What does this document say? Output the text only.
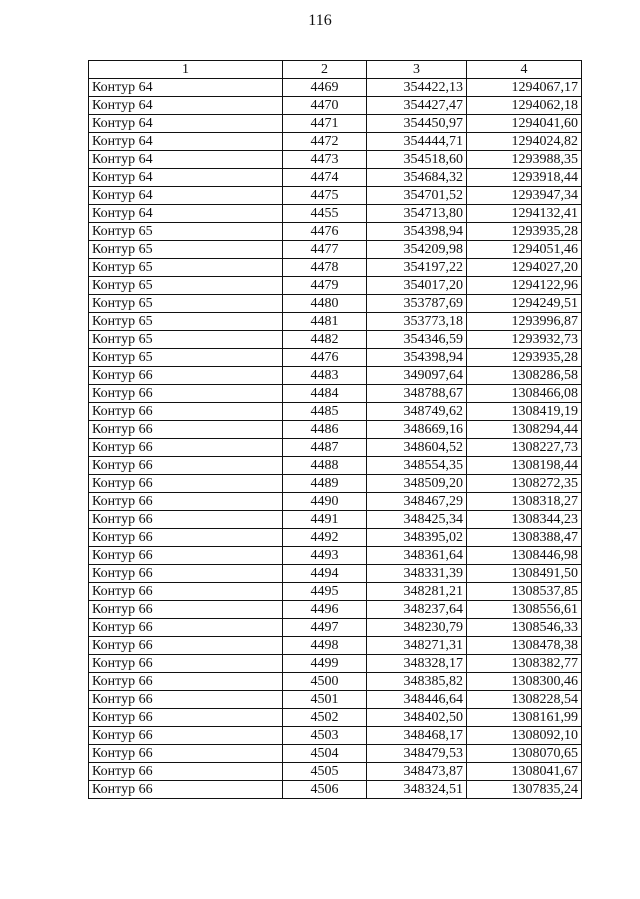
116
1	2	3	4
Контур 64	4469	354422,13	1294067,17
Контур 64	4470	354427,47	1294062,18
Контур 64	4471	354450,97	1294041,60
Контур 64	4472	354444,71	1294024,82
Контур 64	4473	354518,60	1293988,35
Контур 64	4474	354684,32	1293918,44
Контур 64	4475	354701,52	1293947,34
Контур 64	4455	354713,80	1294132,41
Контур 65	4476	354398,94	1293935,28
Контур 65	4477	354209,98	1294051,46
Контур 65	4478	354197,22	1294027,20
Контур 65	4479	354017,20	1294122,96
Контур 65	4480	353787,69	1294249,51
Контур 65	4481	353773,18	1293996,87
Контур 65	4482	354346,59	1293932,73
Контур 65	4476	354398,94	1293935,28
Контур 66	4483	349097,64	1308286,58
Контур 66	4484	348788,67	1308466,08
Контур 66	4485	348749,62	1308419,19
Контур 66	4486	348669,16	1308294,44
Контур 66	4487	348604,52	1308227,73
Контур 66	4488	348554,35	1308198,44
Контур 66	4489	348509,20	1308272,35
Контур 66	4490	348467,29	1308318,27
Контур 66	4491	348425,34	1308344,23
Контур 66	4492	348395,02	1308388,47
Контур 66	4493	348361,64	1308446,98
Контур 66	4494	348331,39	1308491,50
Контур 66	4495	348281,21	1308537,85
Контур 66	4496	348237,64	1308556,61
Контур 66	4497	348230,79	1308546,33
Контур 66	4498	348271,31	1308478,38
Контур 66	4499	348328,17	1308382,77
Контур 66	4500	348385,82	1308300,46
Контур 66	4501	348446,64	1308228,54
Контур 66	4502	348402,50	1308161,99
Контур 66	4503	348468,17	1308092,10
Контур 66	4504	348479,53	1308070,65
Контур 66	4505	348473,87	1308041,67
Контур 66	4506	348324,51	1307835,24
